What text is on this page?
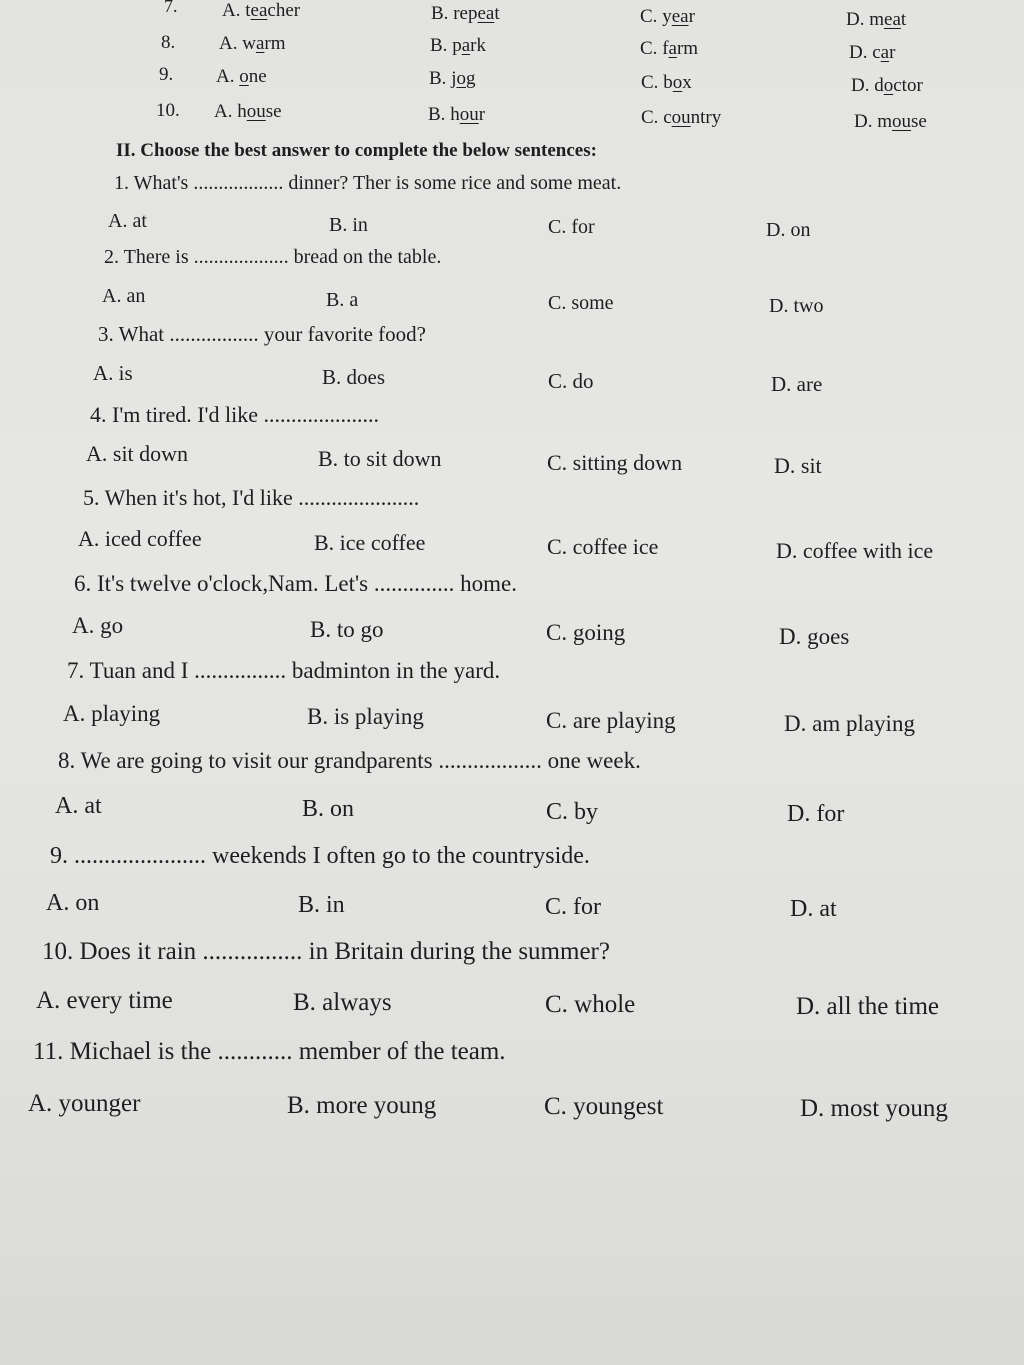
7. A. teacher	B. repeat	C. year	D. meat
8. A. warm	B. park	C. farm	D. car
9. A. one	B. jog	C. box	D. doctor
10. A. house	B. hour	C. country	D. mouse
II. Choose the best answer to complete the below sentences:
1. What's .................. dinner? Ther is some rice and some meat.
A. at	B. in	C. for	D. on
2. There is ................... bread on the table.
A. an	B. a	C. some	D. two
3. What ................. your favorite food?
A. is	B. does	C. do	D. are
4. I'm tired. I'd like .....................
A. sit down	B. to sit down	C. sitting down	D. sit
5. When it's hot, I'd like ......................
A. iced coffee	B. ice coffee	C. coffee ice	D. coffee with ice
6. It's twelve o'clock,Nam. Let's .............. home.
A. go	B. to go	C. going	D. goes
7. Tuan and I ................ badminton in the yard.
A. playing	B. is playing	C. are playing	D. am playing
8. We are going to visit our grandparents .................. one week.
A. at	B. on	C. by	D. for
9. ...................... weekends I often go to the countryside.
A. on	B. in	C. for	D. at
10. Does it rain ................ in Britain during the summer?
A. every time	B. always	C. whole	D. all the time
11. Michael is the ............ member of the team.
A. younger	B. more young	C. youngest	D. most young
